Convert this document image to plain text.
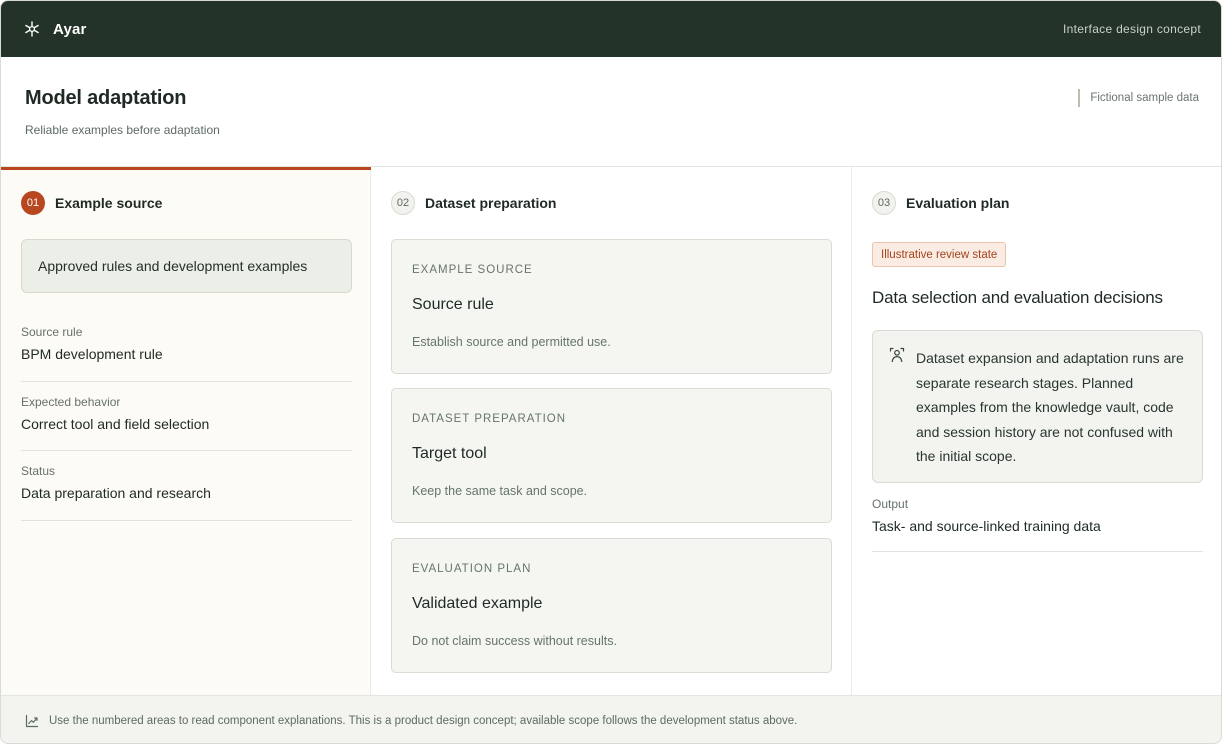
Ayar	Interface design concept
Model adaptation

Reliable examples before adaptation

Fictional sample data
01	Example source
Approved rules and development examples
Source rule
BPM development rule
Expected behavior
Correct tool and field selection
Status
Data preparation and research
02	Dataset preparation
EXAMPLE SOURCE
Source rule
Establish source and permitted use.
DATASET PREPARATION
Target tool
Keep the same task and scope.
EVALUATION PLAN
Validated example
Do not claim success without results.
03	Evaluation plan
Illustrative review state
Data selection and evaluation decisions

Dataset expansion and adaptation runs are separate research stages. Planned examples from the knowledge vault, code and session history are not confused with the initial scope.

Output
Task- and source-linked training data
Use the numbered areas to read component explanations. This is a product design concept; available scope follows the development status above.
